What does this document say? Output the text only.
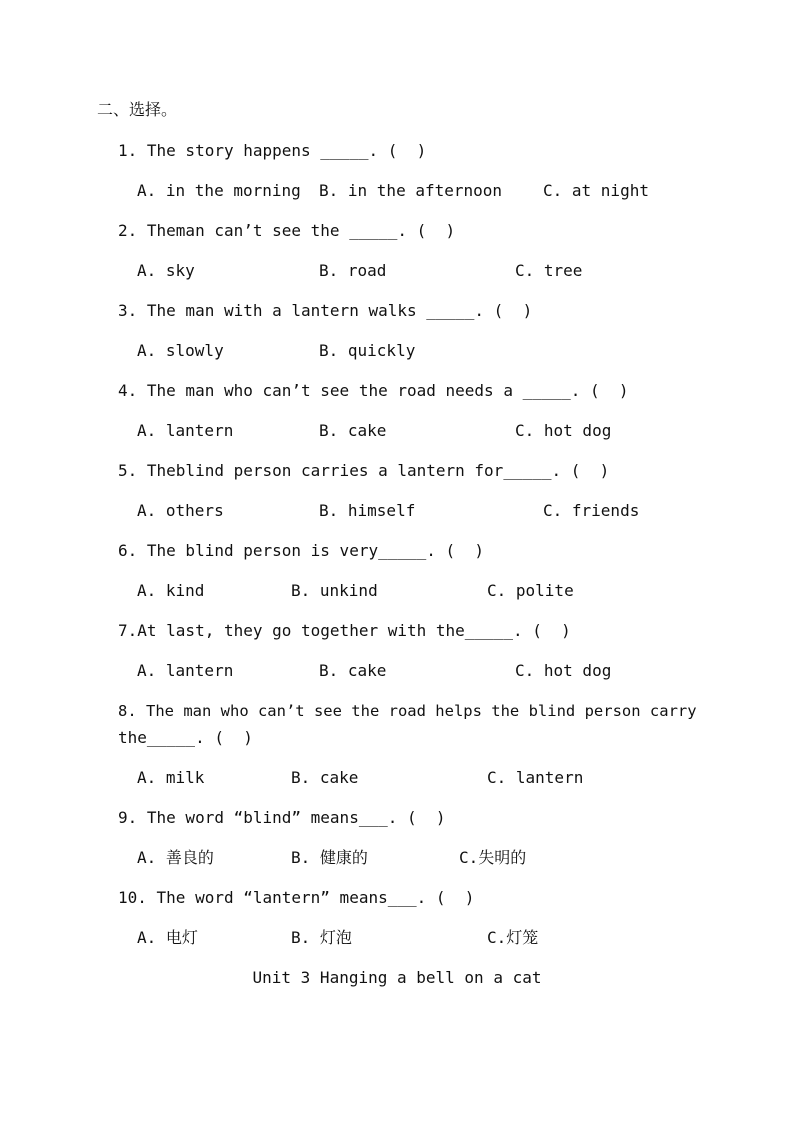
二、选择。
1. The story happens _____. (  )
A. in the morning B. in the afternoon	C. at night
2. Theman can’t see the _____. (  )
A. sky	B. road	C. tree
3. The man with a lantern walks _____. (  )
A. slowly	B. quickly
4. The man who can’t see the road needs a _____. (  )
A. lantern	B. cake	C. hot dog
5. Theblind person carries a lantern for_____. (  )
A. others	B. himself	C. friends
6. The blind person is very_____. (  )
A. kind	B. unkind	C. polite
7.At last, they go together with the_____. (  )
A. lantern	B. cake	C. hot dog
8. The man who can’t see the road helps the blind person carry
the_____. (  )
A. milk	B. cake	C. lantern
9. The word “blind” means___. (  )
A. 善良的	B. 健康的	C.失明的
10. The word “lantern” means___. (  )
A. 电灯	B. 灯泡	C.灯笼
Unit 3 Hanging a bell on a cat
